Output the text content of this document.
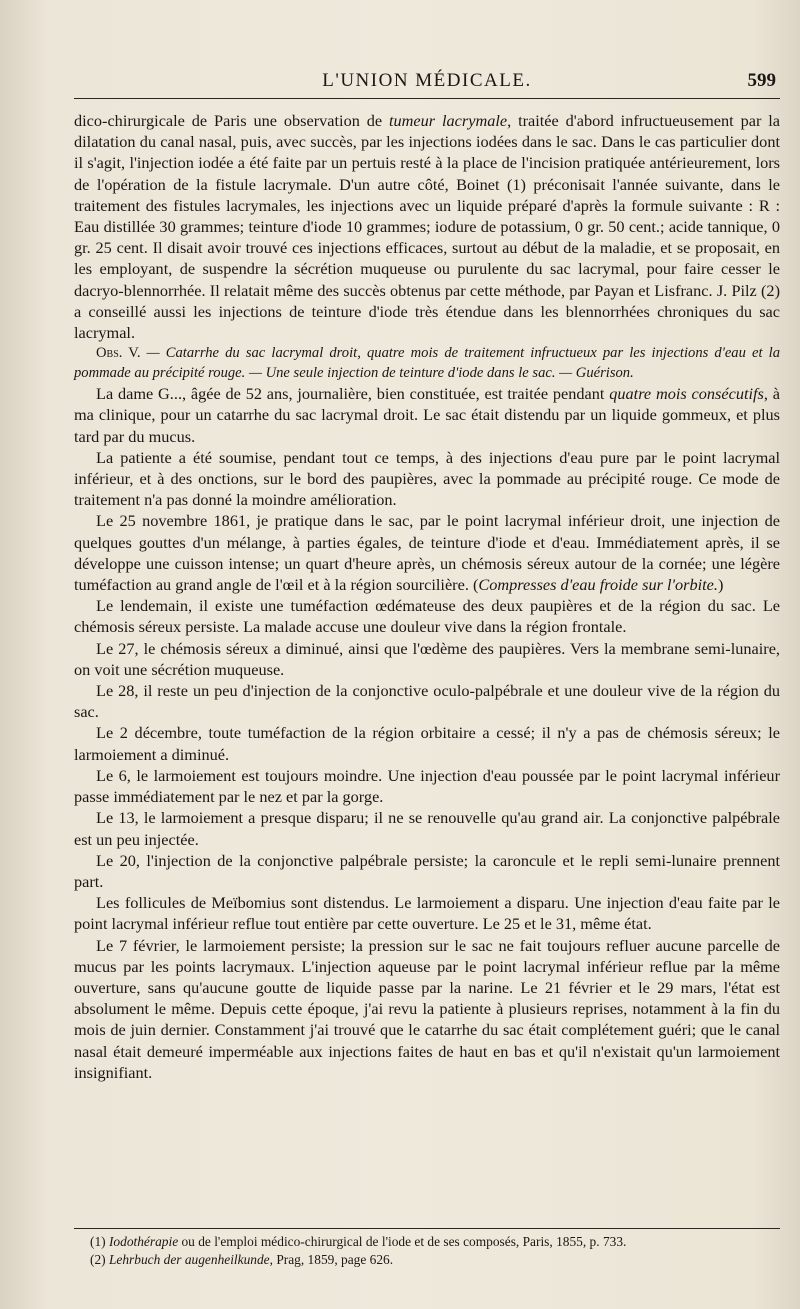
L'UNION MÉDICALE.	599

dico-chirurgicale de Paris une observation de tumeur lacrymale, traitée d'abord infructueusement par la dilatation du canal nasal, puis, avec succès, par les injections iodées dans le sac. Dans le cas particulier dont il s'agit, l'injection iodée a été faite par un pertuis resté à la place de l'incision pratiquée antérieurement, lors de l'opération de la fistule lacrymale. D'un autre côté, Boinet (1) préconisait l'année suivante, dans le traitement des fistules lacrymales, les injections avec un liquide préparé d'après la formule suivante : R : Eau distillée 30 grammes; teinture d'iode 10 grammes; iodure de potassium, 0 gr. 50 cent.; acide tannique, 0 gr. 25 cent. Il disait avoir trouvé ces injections efficaces, surtout au début de la maladie, et se proposait, en les employant, de suspendre la sécrétion muqueuse ou purulente du sac lacrymal, pour faire cesser le dacryo-blennorrhée. Il relatait même des succès obtenus par cette méthode, par Payan et Lisfranc. J. Pilz (2) a conseillé aussi les injections de teinture d'iode très étendue dans les blennorrhées chroniques du sac lacrymal.

Obs. V. — Catarrhe du sac lacrymal droit, quatre mois de traitement infructueux par les injections d'eau et la pommade au précipité rouge. — Une seule injection de teinture d'iode dans le sac. — Guérison.

La dame G..., âgée de 52 ans, journalière, bien constituée, est traitée pendant quatre mois consécutifs, à ma clinique, pour un catarrhe du sac lacrymal droit. Le sac était distendu par un liquide gommeux, et plus tard par du mucus.

La patiente a été soumise, pendant tout ce temps, à des injections d'eau pure par le point lacrymal inférieur, et à des onctions, sur le bord des paupières, avec la pommade au précipité rouge. Ce mode de traitement n'a pas donné la moindre amélioration.

Le 25 novembre 1861, je pratique dans le sac, par le point lacrymal inférieur droit, une injection de quelques gouttes d'un mélange, à parties égales, de teinture d'iode et d'eau. Immédiatement après, il se développe une cuisson intense; un quart d'heure après, un chémosis séreux autour de la cornée; une légère tuméfaction au grand angle de l'œil et à la région sourcilière. (Compresses d'eau froide sur l'orbite.)

Le lendemain, il existe une tuméfaction œdémateuse des deux paupières et de la région du sac. Le chémosis séreux persiste. La malade accuse une douleur vive dans la région frontale.

Le 27, le chémosis séreux a diminué, ainsi que l'œdème des paupières. Vers la membrane semi-lunaire, on voit une sécrétion muqueuse.

Le 28, il reste un peu d'injection de la conjonctive oculo-palpébrale et une douleur vive de la région du sac.

Le 2 décembre, toute tuméfaction de la région orbitaire a cessé; il n'y a pas de chémosis séreux; le larmoiement a diminué.

Le 6, le larmoiement est toujours moindre. Une injection d'eau poussée par le point lacrymal inférieur passe immédiatement par le nez et par la gorge.

Le 13, le larmoiement a presque disparu; il ne se renouvelle qu'au grand air. La conjonctive palpébrale est un peu injectée.

Le 20, l'injection de la conjonctive palpébrale persiste; la caroncule et le repli semi-lunaire prennent part.

Les follicules de Meïbomius sont distendus. Le larmoiement a disparu. Une injection d'eau faite par le point lacrymal inférieur reflue tout entière par cette ouverture. Le 25 et le 31, même état.

Le 7 février, le larmoiement persiste; la pression sur le sac ne fait toujours refluer aucune parcelle de mucus par les points lacrymaux. L'injection aqueuse par le point lacrymal inférieur reflue par la même ouverture, sans qu'aucune goutte de liquide passe par la narine. Le 21 février et le 29 mars, l'état est absolument le même. Depuis cette époque, j'ai revu la patiente à plusieurs reprises, notamment à la fin du mois de juin dernier. Constamment j'ai trouvé que le catarrhe du sac était complétement guéri; que le canal nasal était demeuré imperméable aux injections faites de haut en bas et qu'il n'existait qu'un larmoiement insignifiant.

(1) Iodothérapie ou de l'emploi médico-chirurgical de l'iode et de ses composés, Paris, 1855, p. 733.
(2) Lehrbuch der augenheilkunde, Prag, 1859, page 626.
